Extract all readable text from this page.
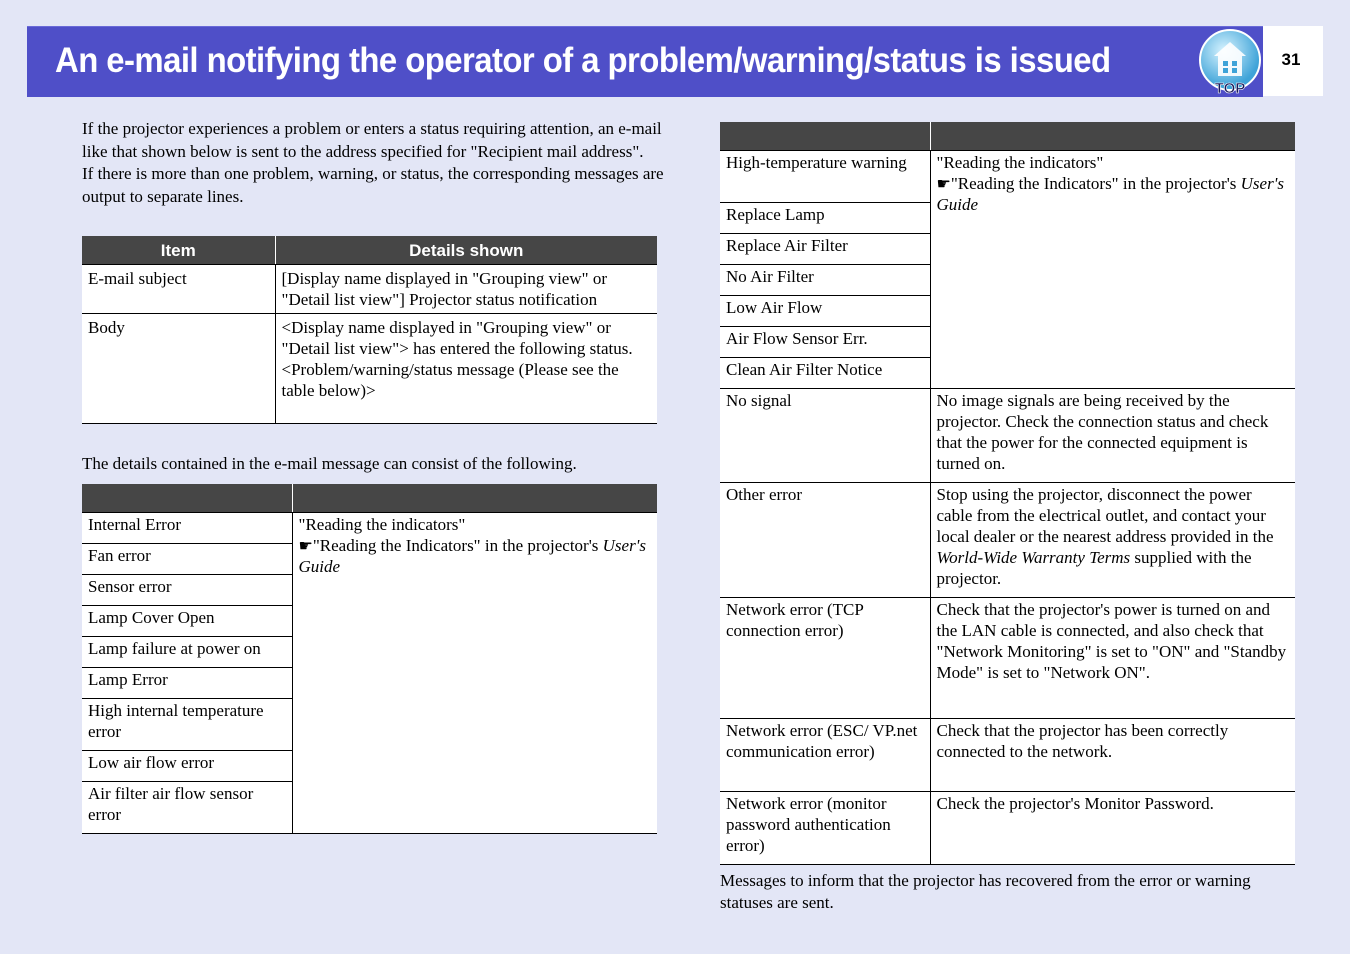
An e-mail notifying the operator of a problem/warning/status is issued
TOP
31

If the projector experiences a problem or enters a status requiring attention, an e-mail like that shown below is sent to the address specified for "Recipient mail address".

If there is more than one problem, warning, or status, the corresponding messages are output to separate lines.

Item	Details shown
E-mail subject	[Display name displayed in "Grouping view" or "Detail list view"] Projector status notification
Body	<Display name displayed in "Grouping view" or "Detail list view"> has entered the following status.
<Problem/warning/status message (Please see the table below)>
The details contained in the e-mail message can consist of the following.

Internal Error	"Reading the indicators"
☛"Reading the Indicators" in the projector's User's Guide

Fan error	
Sensor error	
Lamp Cover Open	
Lamp failure at power on	
Lamp Error	
High internal temperature error	
Low air flow error	
Air filter air flow sensor error	

High-temperature warning	"Reading the indicators"
☛"Reading the Indicators" in the projector's User's Guide

Replace Lamp	
Replace Air Filter	
No Air Filter	
Low Air Flow	
Air Flow Sensor Err.	
Clean Air Filter Notice	
No signal	No image signals are being received by the projector. Check the connection status and check that the power for the connected equipment is turned on.
Other error	Stop using the projector, disconnect the power cable from the electrical outlet, and contact your local dealer or the nearest address provided in the World-Wide Warranty Terms supplied with the projector.
Network error (TCP connection error)	Check that the projector's power is turned on and the LAN cable is connected, and also check that "Network Monitoring" is set to "ON" and "Standby Mode" is set to "Network ON".
Network error (ESC/ VP.net communication error)	Check that the projector has been correctly connected to the network.
Network error (monitor password authentication error)	Check the projector's Monitor Password.
Messages to inform that the projector has recovered from the error or warning statuses are sent.
